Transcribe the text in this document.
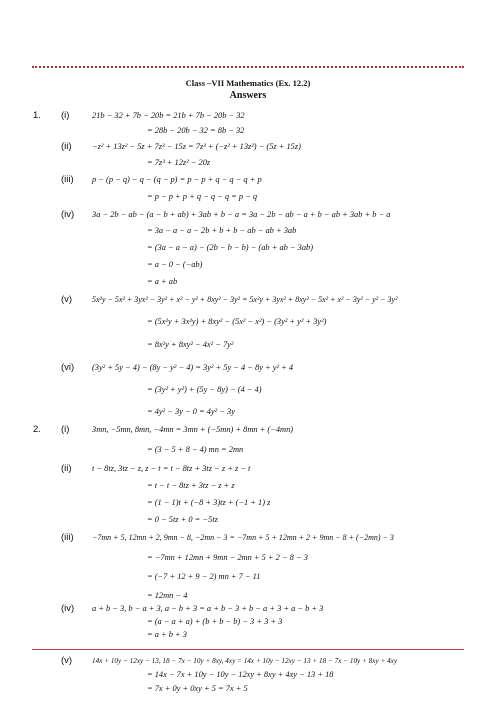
Class –VII Mathematics (Ex. 12.2)
Answers
1. (i)	21b − 32 + 7b − 20b = 21b + 7b − 20b − 32
= 28b − 20b − 32 = 8b − 32
(ii) −z² + 13z² − 5z + 7z³ − 15z = 7z³ + (−z² + 13z²) − (5z + 15z)
= 7z³ + 12z² − 20z
(iii) p − (p − q) − q − (q − p) = p − p + q − q − q + p
= p − p + p + q − q − q = p − q
(iv) 3a − 2b − ab − (a − b + ab) + 3ab + b − a = 3a − 2b − ab − a + b − ab + 3ab + b − a
= 3a − a − a − 2b + b + b − ab − ab + 3ab
= (3a − a − a) − (2b − b − b) − (ab + ab − 3ab)
= a − 0 − (−ab)
= a + ab
(v) 5x²y − 5x² + 3yx² − 3y² + x² − y² + 8xy² − 3y² = 5x²y + 3yx² + 8xy² − 5x² + x² − 3y² − y² − 3y²
= (5x²y + 3x²y) + 8xy² − (5x² − x²) − (3y² + y² + 3y²)
= 8x²y + 8xy² − 4x² − 7y²
(vi) (3y² + 5y − 4) − (8y − y² − 4) = 3y² + 5y − 4 − 8y + y² + 4
= (3y² + y²) + (5y − 8y) − (4 − 4)
= 4y² − 3y − 0 = 4y² − 3y
2. (i)	3mn, −5mn, 8mn, −4mn = 3mn + (−5mn) + 8mn + (−4mn)
= (3 − 5 + 8 − 4) mn = 2mn
(ii) t − 8tz, 3tz − z, z − t = t − 8tz + 3tz − z + z − t
= t − t − 8tz + 3tz − z + z
= (1 − 1)t + (−8 + 3)tz + (−1 + 1) z
= 0 − 5tz + 0 = −5tz
(iii) −7mn + 5, 12mn + 2, 9mn − 8, −2mn − 3 = −7mn + 5 + 12mn + 2 + 9mn − 8 + (−2mn) − 3
= −7mn + 12mn + 9mn − 2mn + 5 + 2 − 8 − 3
= (−7 + 12 + 9 − 2) mn + 7 − 11
= 12mn − 4
(iv) a + b − 3, b − a + 3, a − b + 3 = a + b − 3 + b − a + 3 + a − b + 3
= (a − a + a) + (b + b − b) − 3 + 3 + 3
= a + b + 3
(v)	14x + 10y − 12xy − 13, 18 − 7x − 10y + 8xy, 4xy = 14x + 10y − 12xy − 13 + 18 − 7x − 10y + 8xy + 4xy
= 14x − 7x + 10y − 10y − 12xy + 8xy + 4xy − 13 + 18
= 7x + 0y + 0xy + 5 = 7x + 5
